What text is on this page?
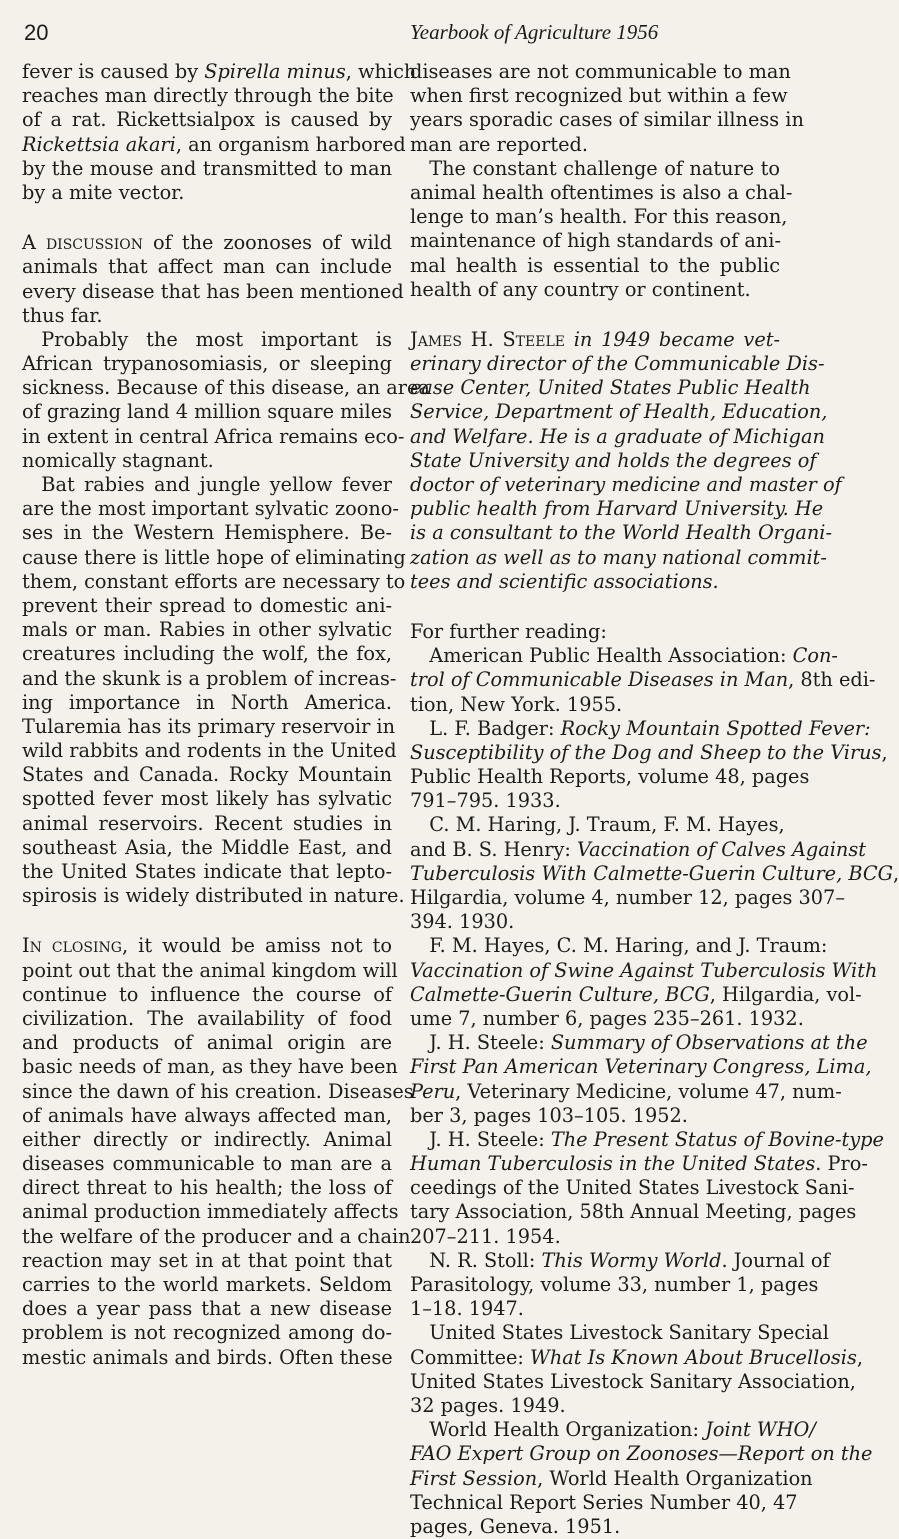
20	Yearbook of Agriculture 1956
fever is caused by Spirella minus, which
reaches man directly through the bite
of a rat. Rickettsialpox is caused by
Rickettsia akari, an organism harbored
by the mouse and transmitted to man
by a mite vector.
A discussion of the zoonoses of wild
animals that affect man can include
every disease that has been mentioned
thus far.
 Probably the most important is
African trypanosomiasis, or sleeping
sickness. Because of this disease, an area
of grazing land 4 million square miles
in extent in central Africa remains eco-
nomically stagnant.
 Bat rabies and jungle yellow fever
are the most important sylvatic zoono-
ses in the Western Hemisphere. Be-
cause there is little hope of eliminating
them, constant efforts are necessary to
prevent their spread to domestic ani-
mals or man. Rabies in other sylvatic
creatures including the wolf, the fox,
and the skunk is a problem of increas-
ing importance in North America.
Tularemia has its primary reservoir in
wild rabbits and rodents in the United
States and Canada. Rocky Mountain
spotted fever most likely has sylvatic
animal reservoirs. Recent studies in
southeast Asia, the Middle East, and
the United States indicate that lepto-
spirosis is widely distributed in nature.
In closing, it would be amiss not to
point out that the animal kingdom will
continue to influence the course of
civilization. The availability of food
and products of animal origin are
basic needs of man, as they have been
since the dawn of his creation. Diseases
of animals have always affected man,
either directly or indirectly. Animal
diseases communicable to man are a
direct threat to his health; the loss of
animal production immediately affects
the welfare of the producer and a chain
reaction may set in at that point that
carries to the world markets. Seldom
does a year pass that a new disease
problem is not recognized among do-
mestic animals and birds. Often these
diseases are not communicable to man
when first recognized but within a few
years sporadic cases of similar illness in
man are reported.
 The constant challenge of nature to
animal health oftentimes is also a chal-
lenge to man’s health. For this reason,
maintenance of high standards of ani-
mal health is essential to the public
health of any country or continent.
James H. Steele in 1949 became vet-
erinary director of the Communicable Dis-
ease Center, United States Public Health
Service, Department of Health, Education,
and Welfare. He is a graduate of Michigan
State University and holds the degrees of
doctor of veterinary medicine and master of
public health from Harvard University. He
is a consultant to the World Health Organi-
zation as well as to many national commit-
tees and scientific associations.
For further reading:
 American Public Health Association: Con-
trol of Communicable Diseases in Man, 8th edi-
tion, New York. 1955.
 L. F. Badger: Rocky Mountain Spotted Fever:
Susceptibility of the Dog and Sheep to the Virus,
Public Health Reports, volume 48, pages
791–795. 1933.
 C. M. Haring, J. Traum, F. M. Hayes,
and B. S. Henry: Vaccination of Calves Against
Tuberculosis With Calmette-Guerin Culture, BCG,
Hilgardia, volume 4, number 12, pages 307–
394. 1930.
 F. M. Hayes, C. M. Haring, and J. Traum:
Vaccination of Swine Against Tuberculosis With
Calmette-Guerin Culture, BCG, Hilgardia, vol-
ume 7, number 6, pages 235–261. 1932.
 J. H. Steele: Summary of Observations at the
First Pan American Veterinary Congress, Lima,
Peru, Veterinary Medicine, volume 47, num-
ber 3, pages 103–105. 1952.
 J. H. Steele: The Present Status of Bovine-type
Human Tuberculosis in the United States. Pro-
ceedings of the United States Livestock Sani-
tary Association, 58th Annual Meeting, pages
207–211. 1954.
 N. R. Stoll: This Wormy World. Journal of
Parasitology, volume 33, number 1, pages
1–18. 1947.
 United States Livestock Sanitary Special
Committee: What Is Known About Brucellosis,
United States Livestock Sanitary Association,
32 pages. 1949.
 World Health Organization: Joint WHO/
FAO Expert Group on Zoonoses—Report on the
First Session, World Health Organization
Technical Report Series Number 40, 47
pages, Geneva. 1951.
